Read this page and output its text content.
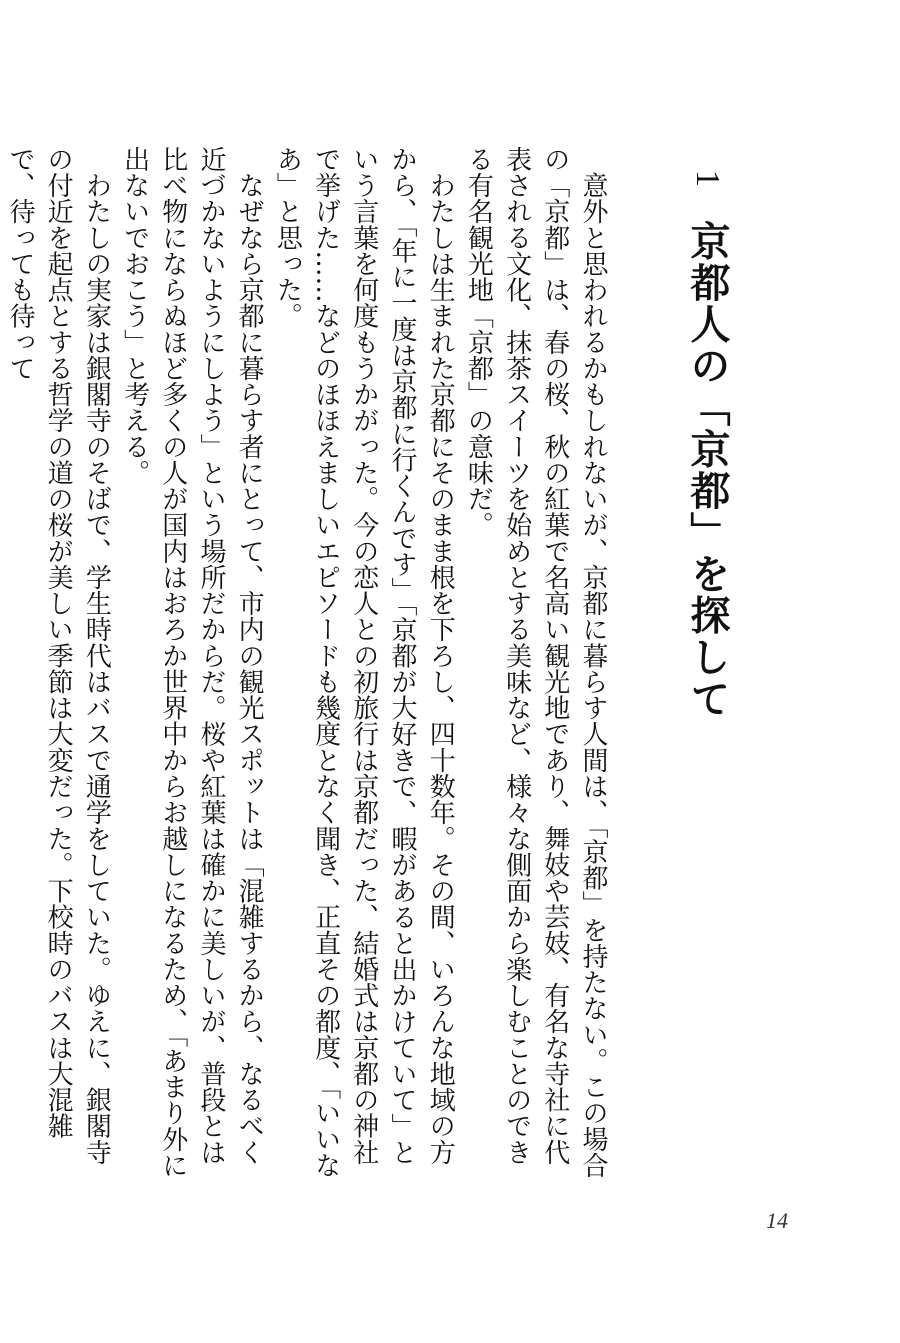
1 京都人の「京都」を探して

　意外と思われるかもしれないが、京都に暮らす人間は、「京都」を持たない。この場合の「京都」は、春の桜、秋の紅葉で名高い観光地であり、舞妓や芸妓、有名な寺社に代表される文化、抹茶スイーツを始めとする美味など、様々な側面から楽しむことのできる有名観光地「京都」の意味だ。

　わたしは生まれた京都にそのまま根を下ろし、四十数年。その間、いろんな地域の方から、「年に一度は京都に行くんです」「京都が大好きで、暇があると出かけていて」という言葉を何度もうかがった。今の恋人との初旅行は京都だった、結婚式は京都の神社で挙げた……などのほほえましいエピソードも幾度となく聞き、正直その都度、「いいなあ」と思った。

　なぜなら京都に暮らす者にとって、市内の観光スポットは「混雑するから、なるべく近づかないようにしよう」という場所だからだ。桜や紅葉は確かに美しいが、普段とは比べ物にならぬほど多くの人が国内はおろか世界中からお越しになるため、「あまり外に出ないでおこう」と考える。

　わたしの実家は銀閣寺のそばで、学生時代はバスで通学をしていた。ゆえに、銀閣寺の付近を起点とする哲学の道の桜が美しい季節は大変だった。下校時のバスは大混雑で、待っても待って

14
